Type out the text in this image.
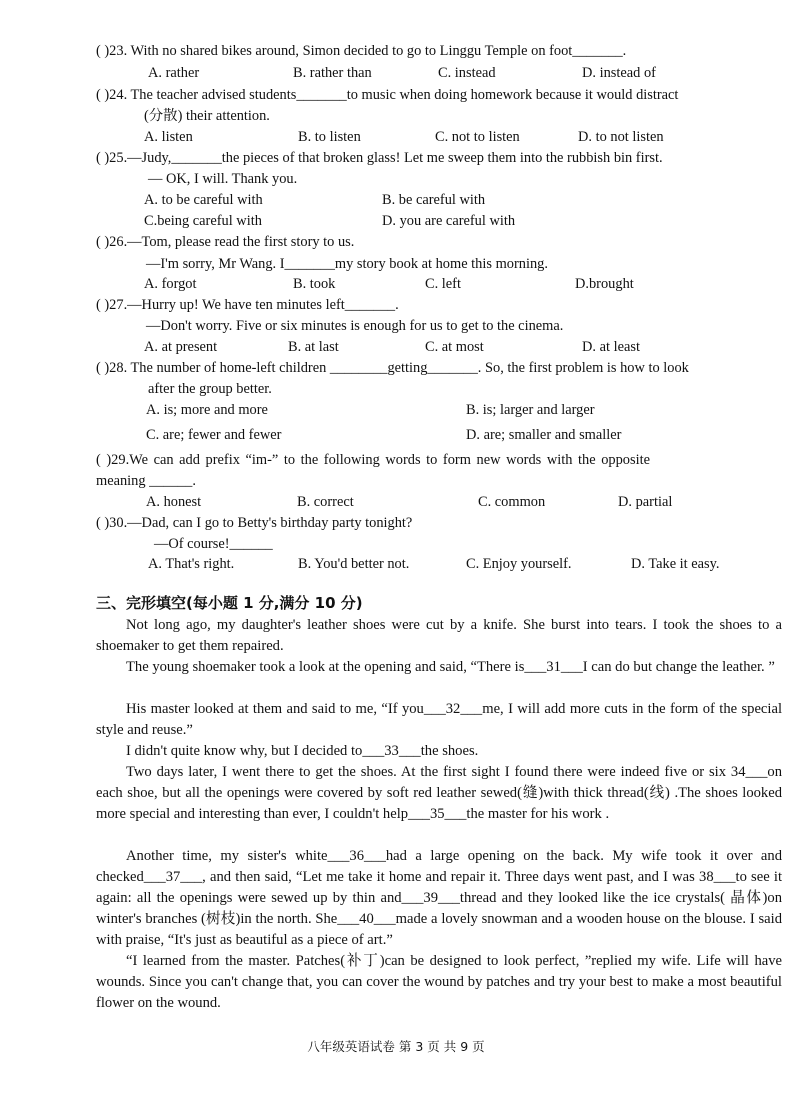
( )23. With no shared bikes around, Simon decided to go to Linggu Temple on foot_______.
A. rather	B. rather than	C. instead	D. instead of
( )24. The teacher advised students_______to music when doing homework because it would distract
(分散) their attention.
A. listen	B. to listen	C. not to listen	D. to not listen
( )25.—Judy,_______the pieces of that broken glass! Let me sweep them into the rubbish bin first.
— OK, I will. Thank you.
A. to be careful with	B. be careful with
C.being careful with	D. you are careful with
( )26.—Tom, please read the first story to us.
—I'm sorry, Mr Wang. I_______my story book at home this morning.
A. forgot	B. took	C. left	D.brought
( )27.—Hurry up! We have ten minutes left_______.
—Don't worry. Five or six minutes is enough for us to get to the cinema.
A. at present	B. at last	C. at most	D. at least
( )28. The number of home-left children ________getting_______. So, the first problem is how to look
after the group better.
A. is; more and more	B. is; larger and larger
C. are; fewer and fewer	D. are; smaller and smaller
( )29.We can add prefix “im-” to the following words to form new words with the opposite
meaning ______.
A. honest	B. correct	C. common	D. partial
( )30.—Dad, can I go to Betty's birthday party tonight?
—Of course!______
A. That's right.	B. You'd better not.	C. Enjoy yourself.	D. Take it easy.
三、完形填空(每小题 1 分,满分 10 分)
Not long ago, my daughter's leather shoes were cut by a knife. She burst into tears. I took the shoes to a shoemaker to get them repaired.
The young shoemaker took a look at the opening and said, “There is___31___I can do but change the leather. ”
His master looked at them and said to me, “If you___32___me, I will add more cuts in the form of the special style and reuse.”
I didn't quite know why, but I decided to___33___the shoes.
Two days later, I went there to get the shoes. At the first sight I found there were indeed five or six 34___on each shoe, but all the openings were covered by soft red leather sewed(缝)with thick thread(线) .The shoes looked more special and interesting than ever, I couldn't help___35___the master for his work .
Another time, my sister's white___36___had a large opening on the back. My wife took it over and checked___37___, and then said, “Let me take it home and repair it. Three days went past, and I was 38___to see it again: all the openings were sewed up by thin and___39___thread and they looked like the ice crystals( 晶体)on winter's branches (树枝)in the north. She___40___made a lovely snowman and a wooden house on the blouse. I said with praise, “It's just as beautiful as a piece of art.”
“I learned from the master. Patches(补丁)can be designed to look perfect, ”replied my wife. Life will have wounds. Since you can't change that, you can cover the wound by patches and try your best to make a most beautiful flower on the wound.
八年级英语试卷 第 3 页 共 9 页
